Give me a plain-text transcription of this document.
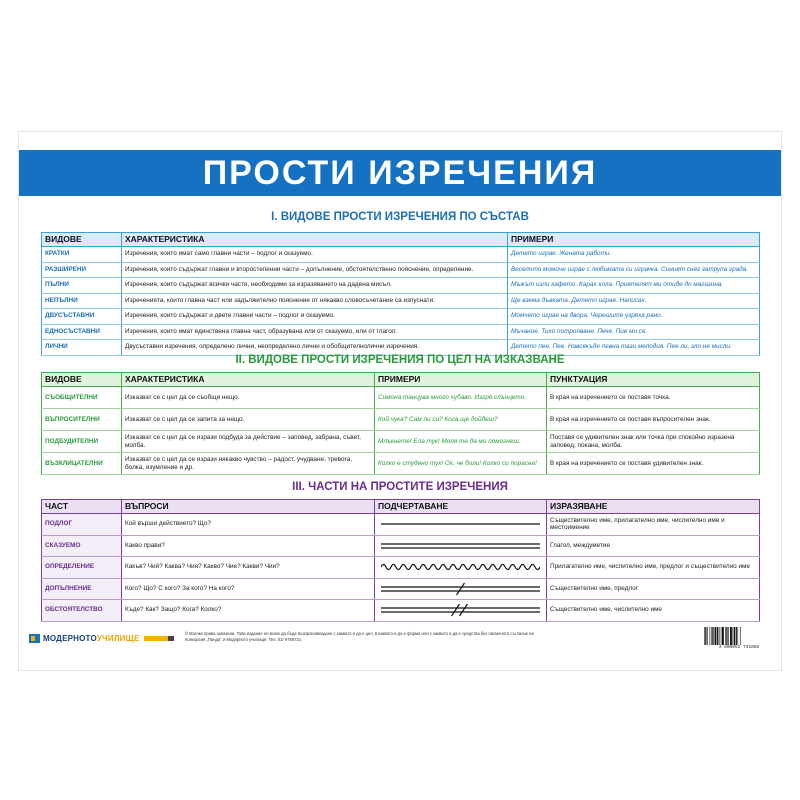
ПРОСТИ ИЗРЕЧЕНИЯ
I. ВИДОВЕ ПРОСТИ ИЗРЕЧЕНИЯ ПО СЪСТАВ
ВИДОВЕ	ХАРАКТЕРИСТИКА	ПРИМЕРИ
КРАТКИ	Изречения, които имат само главни части – подлог и сказуемо.	Детето играе. Жената работи.
РАЗШИРЕНИ	Изречения, които съдържат главни и второстепенни части – допълнение, обстоятелствено пояснение, определение.	Веселото момиче играе с любимата си играчка. Синият сняг затрупа града.
ПЪЛНИ	Изречения, които съдържат всички части, необходими за изразяването на дадена мисъл.	Мъжът изпи кафето. Карах кола. Приятелят ми отиде до магазина.
НЕПЪЛНИ	Изреченията, които главна част или задължително пояснение от някакво словосъчетание са изпуснати.	Ще взема дъвката. Детето играе. Написах.
ДВУСЪСТАВНИ	Изречения, които съдържат и двете главни части – подлог и сказуемо.	Момчето играе на двора. Черешите узряха рано.
ЕДНОСЪСТАВНИ	Изречения, които имат единствена главна част, образувана или от сказуемо, или от глагол.	Мъчание. Тихо потропване. Пече. Пие ми се.
ЛИЧНИ	Двусъставни изречения, определено лични, неопределено лични и обобщителнолични изречения.	Детето пее. Пее. Навсякъде певна тази мелодия. Пее ли, зло не мисли.
II. ВИДОВЕ ПРОСТИ ИЗРЕЧЕНИЯ ПО ЦЕЛ НА ИЗКАЗВАНЕ
ВИДОВЕ	ХАРАКТЕРИСТИКА	ПРИМЕРИ	ПУНКТУАЦИЯ
СЪОБЩИТЕЛНИ	Изказват се с цел да се съобщи нещо.	Симона танцува много хубаво. Изгря слънцето.	В края на изречението се поставя точка.
ВЪПРОСИТЕЛНИ	Изказват се с цел да се запита за нещо.	Кой чука? Сам ли си? Кога ще дойдеш?	В края на изречението се поставя въпросителен знак.
ПОДБУДИТЕЛНИ	Изказват се с цел да се изрази подбуда за действие – заповед, забрана, съвет, молба.	Млъкнете! Ела тук! Моля те да ми помогнеш.	Поставя се удивителен знак или точка при спокойно изразена заповед, покана, молба.
ВЪЗКЛИЦАТЕЛНИ	Изказват се с цел да се изрази някакво чувство – радост, учудване, тревога, болка, изумление и др.	Колко е студено тук! Ох, че боли! Колко си порасна!	В края на изречението се поставя удивителен знак.
III. ЧАСТИ НА ПРОСТИТЕ ИЗРЕЧЕНИЯ
ЧАСТ	ВЪПРОСИ	ПОДЧЕРТАВАНЕ	ИЗРАЗЯВАНЕ
ПОДЛОГ	Кой върши действието? Що?		Съществително име, прилагателно име, числително име и местоимение
СКАЗУЕМО	Какво прави?		Глагол, междуметие
ОПРЕДЕЛЕНИЕ	Какъв? Чий? Каква? Чия? Какво? Чие? Какви? Чии?		Прилагателно име, числително име, предлог и съществително име
ДОПЪЛНЕНИЕ	Кого? Що? С кого? За кого? На кого?		Съществително име, предлог
ОБСТОЯТЕЛСТВО	Къде? Как? Защо? Кога? Колко?		Съществително име, числително име
МОДЕРНОТОУЧИЛИЩЕ	© Всички права запазени. Това издание не може да бъде възпроизвеждано с каквато и да е цел, в каквато и да е форма или с каквито и да е средства без писменото съгласие на Конкорсия „Панда“ и Модерното училище. Тел. 02/ 9766721
3 800052 731085
